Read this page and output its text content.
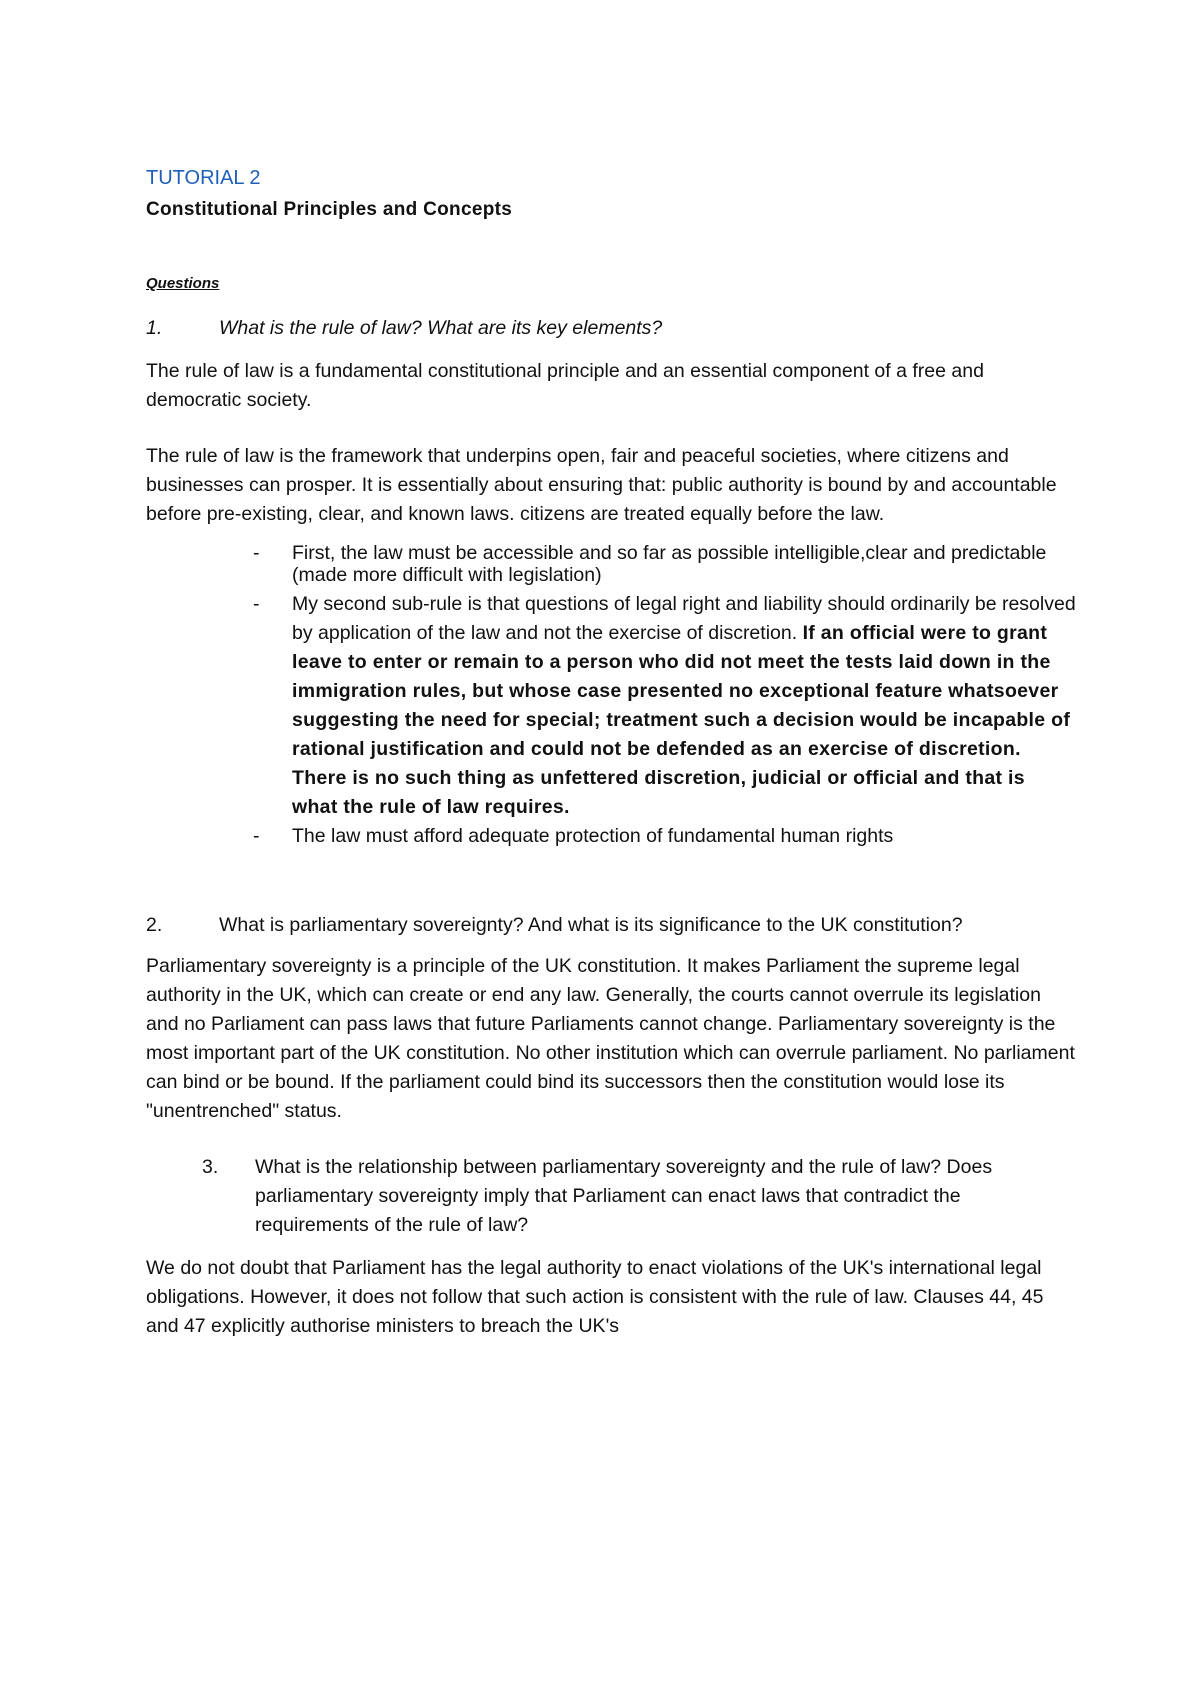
TUTORIAL 2
Constitutional Principles and Concepts
Questions
1.	What is the rule of law? What are its key elements?

The rule of law is a fundamental constitutional principle and an essential component of a free and democratic society.

The rule of law is the framework that underpins open, fair and peaceful societies, where citizens and businesses can prosper. It is essentially about ensuring that: public authority is bound by and accountable before pre-existing, clear, and known laws. citizens are treated equally before the law.

- First, the law must be accessible and so far as possible intelligible,clear and predictable (made more difficult with legislation)
- My second sub-rule is that questions of legal right and liability should ordinarily be resolved by application of the law and not the exercise of discretion. If an official were to grant leave to enter or remain to a person who did not meet the tests laid down in the immigration rules, but whose case presented no exceptional feature whatsoever suggesting the need for special; treatment such a decision would be incapable of rational justification and could not be defended as an exercise of discretion. There is no such thing as unfettered discretion, judicial or official and that is what the rule of law requires.
- The law must afford adequate protection of fundamental human rights
2.	What is parliamentary sovereignty? And what is its significance to the UK constitution?

Parliamentary sovereignty is a principle of the UK constitution. It makes Parliament the supreme legal authority in the UK, which can create or end any law. Generally, the courts cannot overrule its legislation and no Parliament can pass laws that future Parliaments cannot change. Parliamentary sovereignty is the most important part of the UK constitution. No other institution which can overrule parliament. No parliament can bind or be bound. If the parliament could bind its successors then the constitution would lose its "unentrenched" status.

3.	What is the relationship between parliamentary sovereignty and the rule of law? Does parliamentary sovereignty imply that Parliament can enact laws that contradict the requirements of the rule of law?

We do not doubt that Parliament has the legal authority to enact violations of the UK's international legal obligations. However, it does not follow that such action is consistent with the rule of law. Clauses 44, 45 and 47 explicitly authorise ministers to breach the UK's
